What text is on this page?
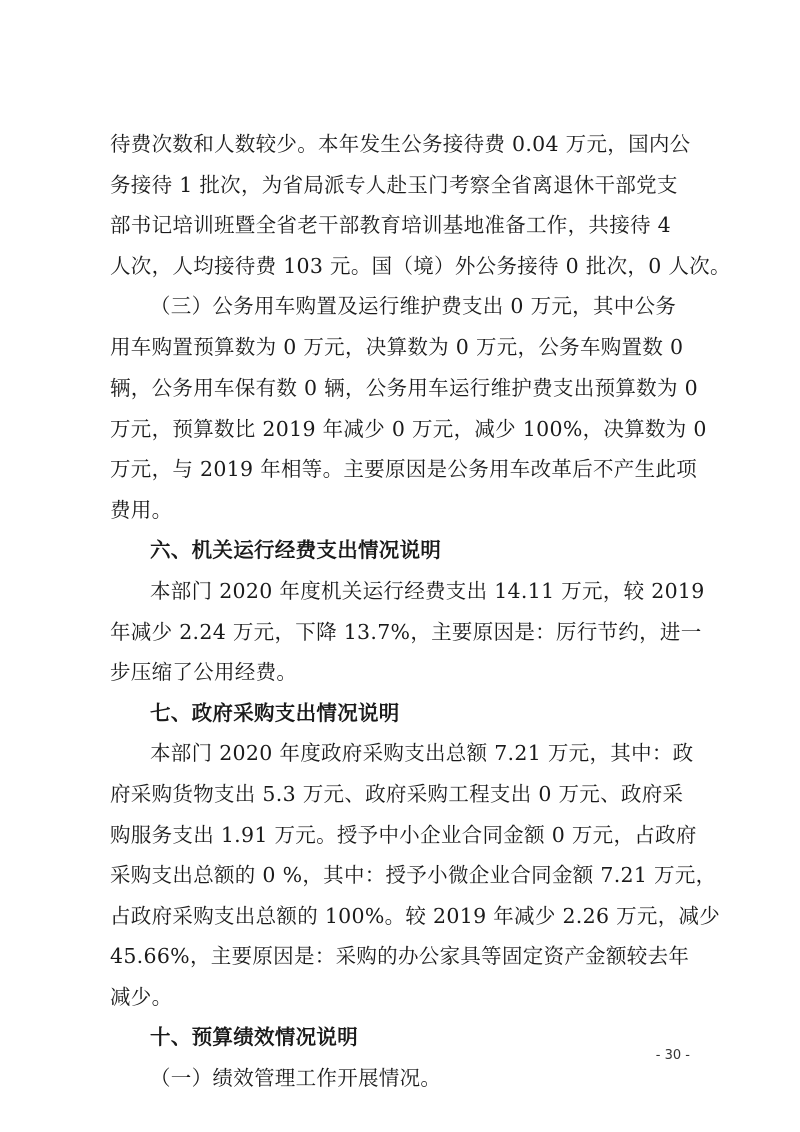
待费次数和人数较少。本年发生公务接待费 0.04 万元，国内公
务接待 1 批次，为省局派专人赴玉门考察全省离退休干部党支
部书记培训班暨全省老干部教育培训基地准备工作，共接待 4
人次，人均接待费 103 元。国（境）外公务接待 0 批次，0 人次。
（三）公务用车购置及运行维护费支出 0 万元，其中公务
用车购置预算数为 0 万元，决算数为 0 万元，公务车购置数 0
辆，公务用车保有数 0 辆，公务用车运行维护费支出预算数为 0
万元，预算数比 2019 年减少 0 万元，减少 100%，决算数为 0
万元，与 2019 年相等。主要原因是公务用车改革后不产生此项
费用。
六、机关运行经费支出情况说明
本部门 2020 年度机关运行经费支出 14.11 万元，较 2019
年减少 2.24 万元，下降 13.7%，主要原因是：厉行节约，进一
步压缩了公用经费。
七、政府采购支出情况说明
本部门 2020 年度政府采购支出总额 7.21 万元，其中：政
府采购货物支出 5.3 万元、政府采购工程支出 0 万元、政府采
购服务支出 1.91 万元。授予中小企业合同金额 0 万元，占政府
采购支出总额的 0 %，其中：授予小微企业合同金额 7.21 万元，
占政府采购支出总额的 100%。较 2019 年减少 2.26 万元，减少
45.66%，主要原因是：采购的办公家具等固定资产金额较去年
减少。
十、预算绩效情况说明
（一）绩效管理工作开展情况。
- 30 -
